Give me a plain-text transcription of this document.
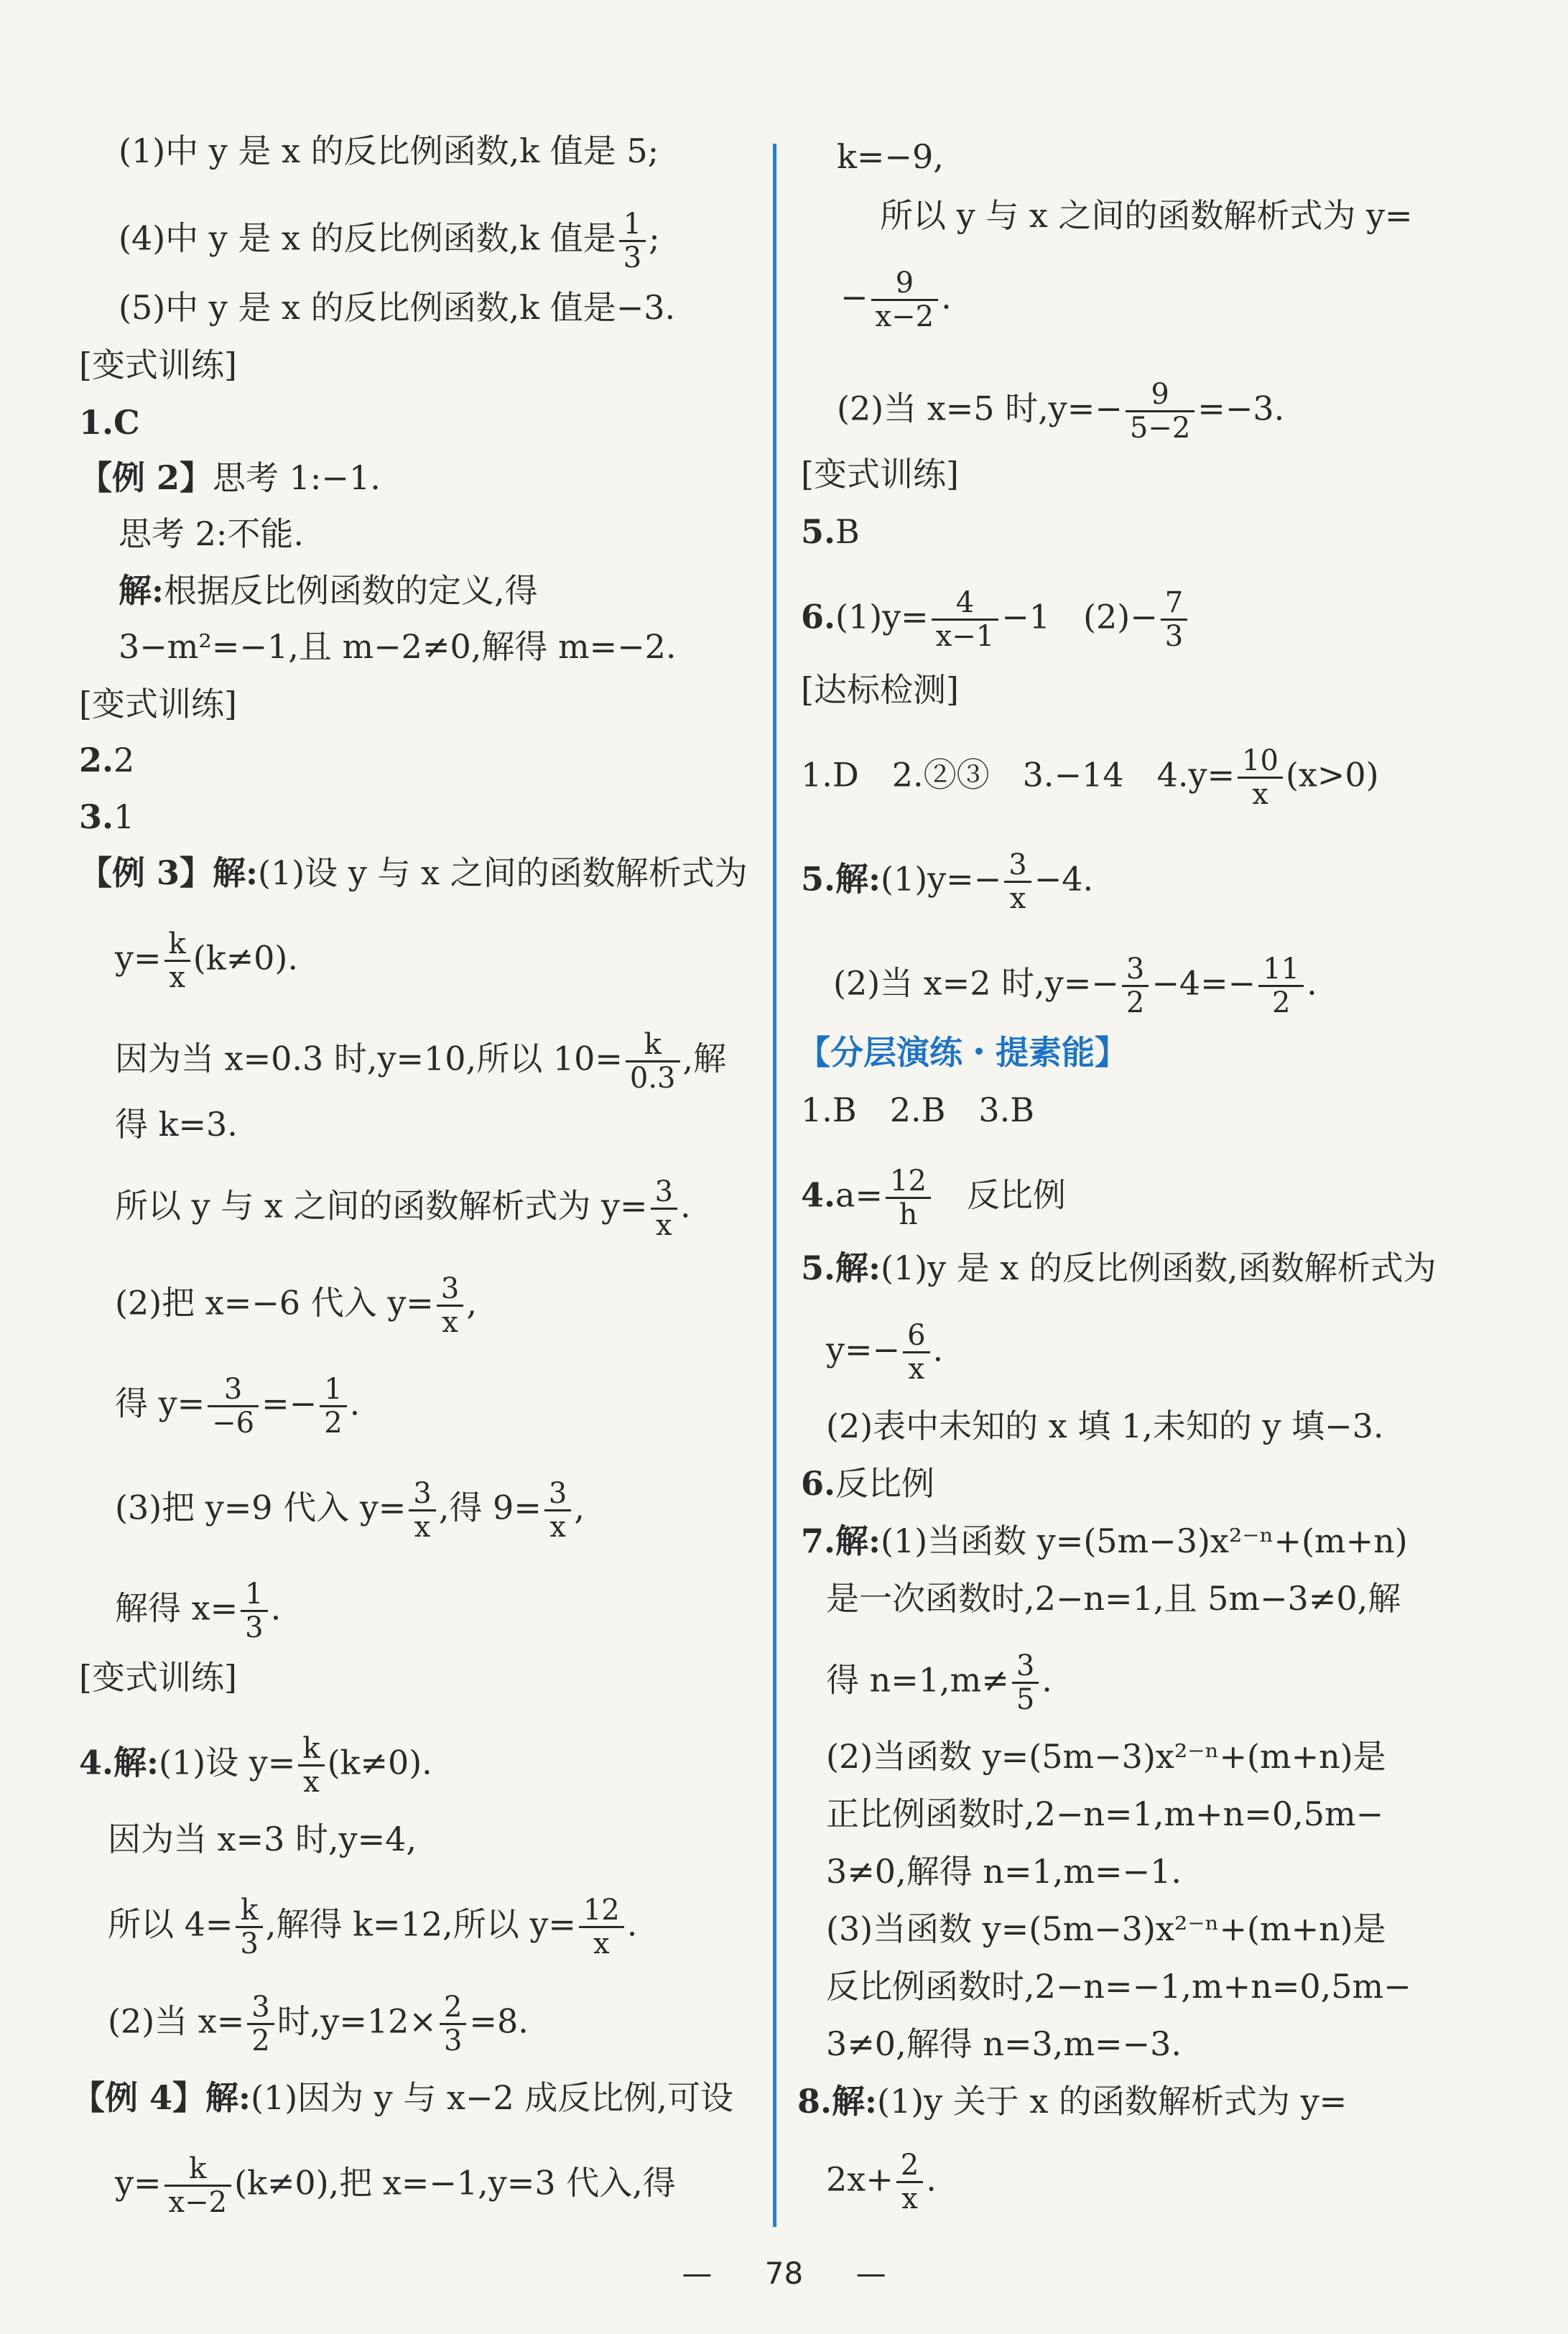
(1)中 y 是 x 的反比例函数,k 值是 5;
(4)中 y 是 x 的反比例函数,k 值是 $\frac{1}{3}$ ;
(5)中 y 是 x 的反比例函数,k 值是−3.
[变式训练]
1.C
【例 2】思考 1:−1.
思考 2:不能.
解:根据反比例函数的定义,得
3−m²=−1,且 m−2≠0,解得 m=−2.
[变式训练]
2.2
3.1
【例 3】解:(1)设 y 与 x 之间的函数解析式为
$y= \frac{k}{x} (k\ne 0)$.
因为当 x=0.3 时,y=10,所以 $10= \frac{k}{0.3}$ ,解
得 k=3.
所以 y 与 x 之间的函数解析式为 $y= \frac{3}{x}$ .
(2)把 x=−6 代入 $y= \frac{3}{x}$ ,
得 $y= \frac{3}{-6} =- \frac{1}{2}$ .
(3)把 y=9 代入 $y= \frac{3}{x}$ ,得 $9= \frac{3}{x}$ ,
解得 $x= \frac{1}{3}$ .
[变式训练]
4.解:(1)设 $y= \frac{k}{x} (k\ne 0)$.
因为当 x=3 时,y=4,
所以 $4= \frac{k}{3}$ ,解得 k=12,所以 $y= \frac{12}{x}$ .
(2)当 $x= \frac{3}{2}$ 时$,y=12\times \frac{2}{3} =8$.
【例 4】解:(1)因为 y 与 x−2 成反比例,可设
$y= \frac{k}{x-2} (k\ne 0)$,把 x=−1,y=3 代入,得
k=−9,
所以 y 与 x 之间的函数解析式为 y=
− $\frac{9}{x-2}$ .
(2)当 x=5 时$,y=- \frac{9}{5-2} =-3$.
[变式训练]
5.B
$6.(1)y= \frac{4}{x-1} -1$　$(2)- \frac{7}{3}$
[达标检测]
1.D　2.②③　3.−14　$4.y= \frac{10}{x} (x>0)$
5.解:(1)y=− $\frac{3}{x} -4$.
(2)当 x=2 时$,y=- \frac{3}{2} -4=- \frac{11}{2}$ .
【分层演练・提素能】
1.B　2.B　3.B
$4.a= \frac{12}{h}$ 　反比例
5.解:(1)y 是 x 的反比例函数,函数解析式为
$y=- \frac{6}{x}$ .
(2)表中未知的 x 填 1,未知的 y 填−3.
6.反比例
7.解:(1)当函数 y=(5m−3)x²⁻ⁿ+(m+n)
是一次函数时,2−n=1,且 5m−3≠0,解
得 $n=1,m\ne \frac{3}{5}$ .
(2)当函数 y=(5m−3)x²⁻ⁿ+(m+n)是
正比例函数时,2−n=1,m+n=0,5m−
3≠0,解得 n=1,m=−1.
(3)当函数 y=(5m−3)x²⁻ⁿ+(m+n)是
反比例函数时,2−n=−1,m+n=0,5m−
3≠0,解得 n=3,m=−3.
8.解:(1)y 关于 x 的函数解析式为 y=
$2x+ \frac{2}{x}$ .
— 78 —
